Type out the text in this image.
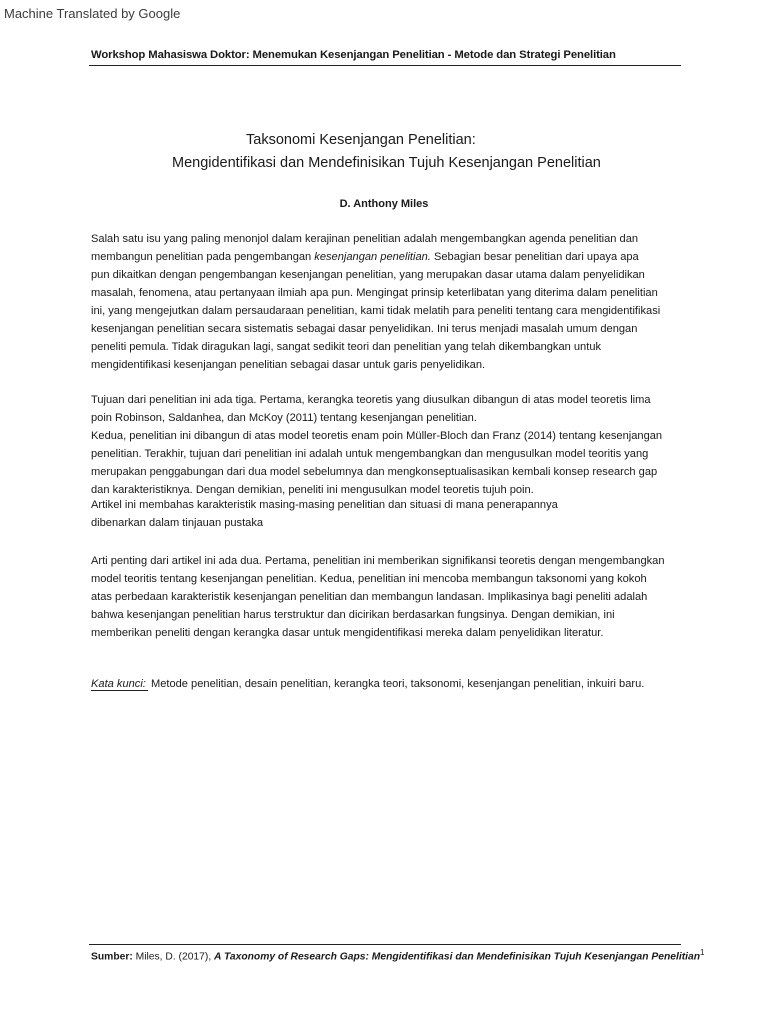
Machine Translated by Google
Workshop Mahasiswa Doktor: Menemukan Kesenjangan Penelitian - Metode dan Strategi Penelitian
Taksonomi Kesenjangan Penelitian:
Mengidentifikasi dan Mendefinisikan Tujuh Kesenjangan Penelitian
D. Anthony Miles
Salah satu isu yang paling menonjol dalam kerajinan penelitian adalah mengembangkan agenda penelitian dan
membangun penelitian pada pengembangan kesenjangan penelitian. Sebagian besar penelitian dari upaya apa
pun dikaitkan dengan pengembangan kesenjangan penelitian, yang merupakan dasar utama dalam penyelidikan
masalah, fenomena, atau pertanyaan ilmiah apa pun. Mengingat prinsip keterlibatan yang diterima dalam penelitian
ini, yang mengejutkan dalam persaudaraan penelitian, kami tidak melatih para peneliti tentang cara mengidentifikasi
kesenjangan penelitian secara sistematis sebagai dasar penyelidikan. Ini terus menjadi masalah umum dengan
peneliti pemula. Tidak diragukan lagi, sangat sedikit teori dan penelitian yang telah dikembangkan untuk
mengidentifikasi kesenjangan penelitian sebagai dasar untuk garis penyelidikan.
Tujuan dari penelitian ini ada tiga. Pertama, kerangka teoretis yang diusulkan dibangun di atas model teoretis lima
poin Robinson, Saldanhea, dan McKoy (2011) tentang kesenjangan penelitian.
Kedua, penelitian ini dibangun di atas model teoretis enam poin Müller-Bloch dan Franz (2014) tentang kesenjangan
penelitian. Terakhir, tujuan dari penelitian ini adalah untuk mengembangkan dan mengusulkan model teoritis yang
merupakan penggabungan dari dua model sebelumnya dan mengkonseptualisasikan kembali konsep research gap
dan karakteristiknya. Dengan demikian, peneliti ini mengusulkan model teoretis tujuh poin.
Artikel ini membahas karakteristik masing-masing penelitian dan situasi di mana penerapannya
dibenarkan dalam tinjauan pustaka
Arti penting dari artikel ini ada dua. Pertama, penelitian ini memberikan signifikansi teoretis dengan mengembangkan
model teoritis tentang kesenjangan penelitian. Kedua, penelitian ini mencoba membangun taksonomi yang kokoh
atas perbedaan karakteristik kesenjangan penelitian dan membangun landasan. Implikasinya bagi peneliti adalah
bahwa kesenjangan penelitian harus terstruktur dan dicirikan berdasarkan fungsinya. Dengan demikian, ini
memberikan peneliti dengan kerangka dasar untuk mengidentifikasi mereka dalam penyelidikan literatur.
Kata kunci: Metode penelitian, desain penelitian, kerangka teori, taksonomi, kesenjangan penelitian, inkuiri baru.
Sumber: Miles, D. (2017), A Taxonomy of Research Gaps: Mengidentifikasi dan Mendefinisikan Tujuh Kesenjangan Penelitian$^1$
